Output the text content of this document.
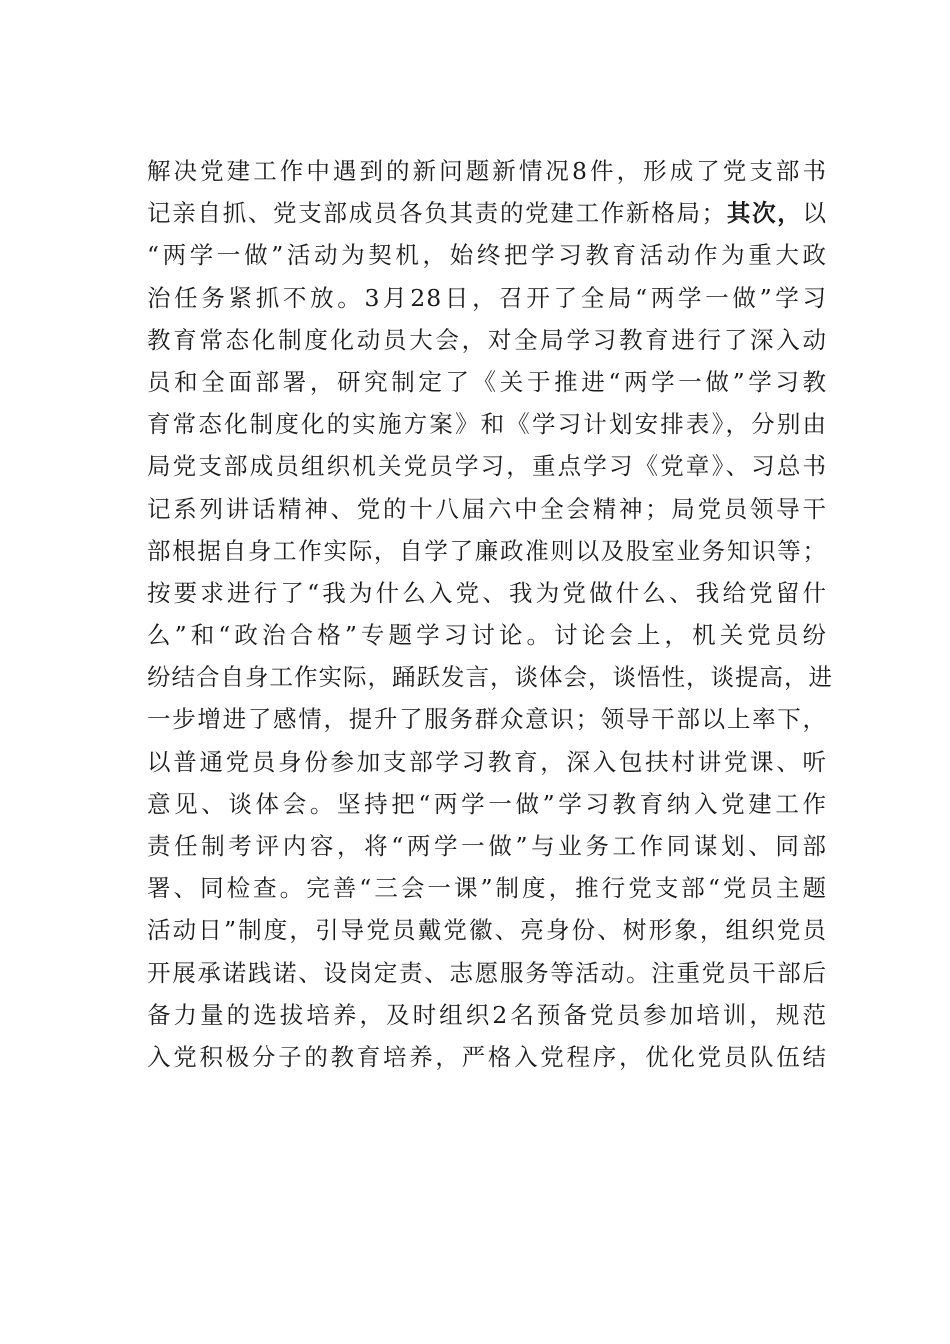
解决党建工作中遇到的新问题新情况8件，形成了党支部书
记亲自抓、党支部成员各负其责的党建工作新格局；其次，以
“两学一做”活动为契机，始终把学习教育活动作为重大政
治任务紧抓不放。3月28日，召开了全局“两学一做”学习
教育常态化制度化动员大会，对全局学习教育进行了深入动
员和全面部署，研究制定了《关于推进“两学一做”学习教
育常态化制度化的实施方案》和《学习计划安排表》，分别由
局党支部成员组织机关党员学习，重点学习《党章》、习总书
记系列讲话精神、党的十八届六中全会精神；局党员领导干
部根据自身工作实际，自学了廉政准则以及股室业务知识等；
按要求进行了“我为什么入党、我为党做什么、我给党留什
么”和“政治合格”专题学习讨论。讨论会上，机关党员纷
纷结合自身工作实际，踊跃发言，谈体会，谈悟性，谈提高，进
一步增进了感情，提升了服务群众意识；领导干部以上率下，
以普通党员身份参加支部学习教育，深入包扶村讲党课、听
意见、谈体会。坚持把“两学一做”学习教育纳入党建工作
责任制考评内容，将“两学一做”与业务工作同谋划、同部
署、同检查。完善“三会一课”制度，推行党支部“党员主题
活动日”制度，引导党员戴党徽、亮身份、树形象，组织党员
开展承诺践诺、设岗定责、志愿服务等活动。注重党员干部后
备力量的选拔培养，及时组织2名预备党员参加培训，规范
入党积极分子的教育培养，严格入党程序，优化党员队伍结
